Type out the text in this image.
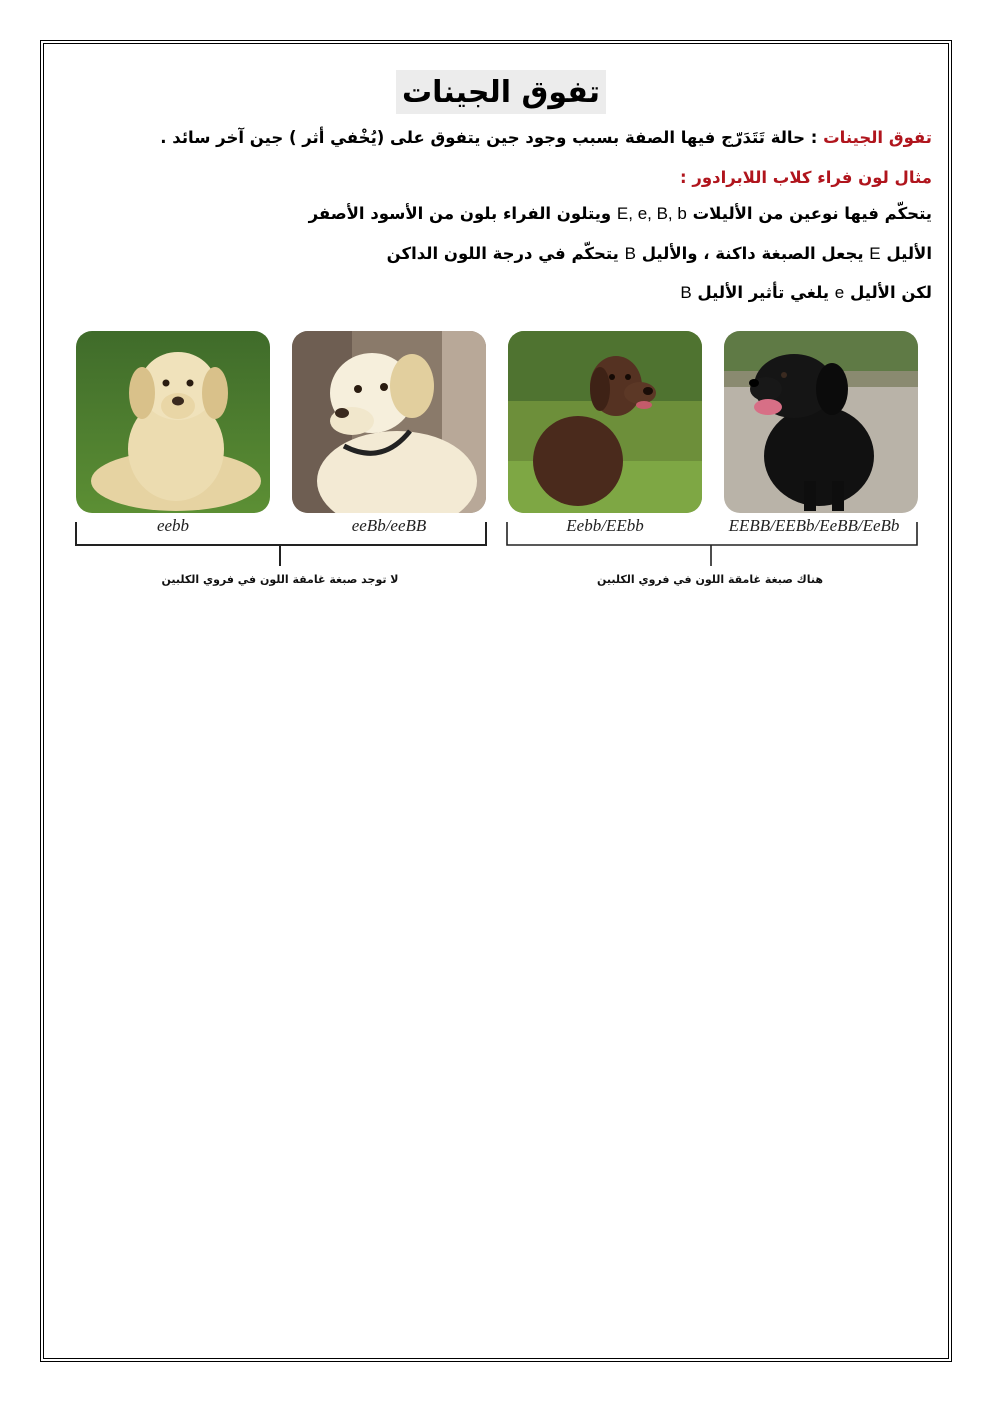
تفوق الجينات
تفوق الجينات : حالة تَتَدَرّج فيها الصفة بسبب وجود جين يتفوق على (يُخْفي أثر ) جين آخر سائد .
مثال لون فراء كلاب اللابرادور :
يتحكّم فيها نوعين من الأليلات E, e, B, b ويتلون الفراء بلون من الأسود الأصفر
الأليل E يجعل الصبغة داكنة ، والأليل B يتحكّم في درجة اللون الداكن
لكن الأليل e يلغي تأثير الأليل B
eebb	eeBb/eeBB	Eebb/EEbb	EEBB/EEBb/EeBB/EeBb
لا توجد صبغة غامقة اللون في فروي الكلبين	هناك صبغة غامقة اللون في فروي الكلبين
